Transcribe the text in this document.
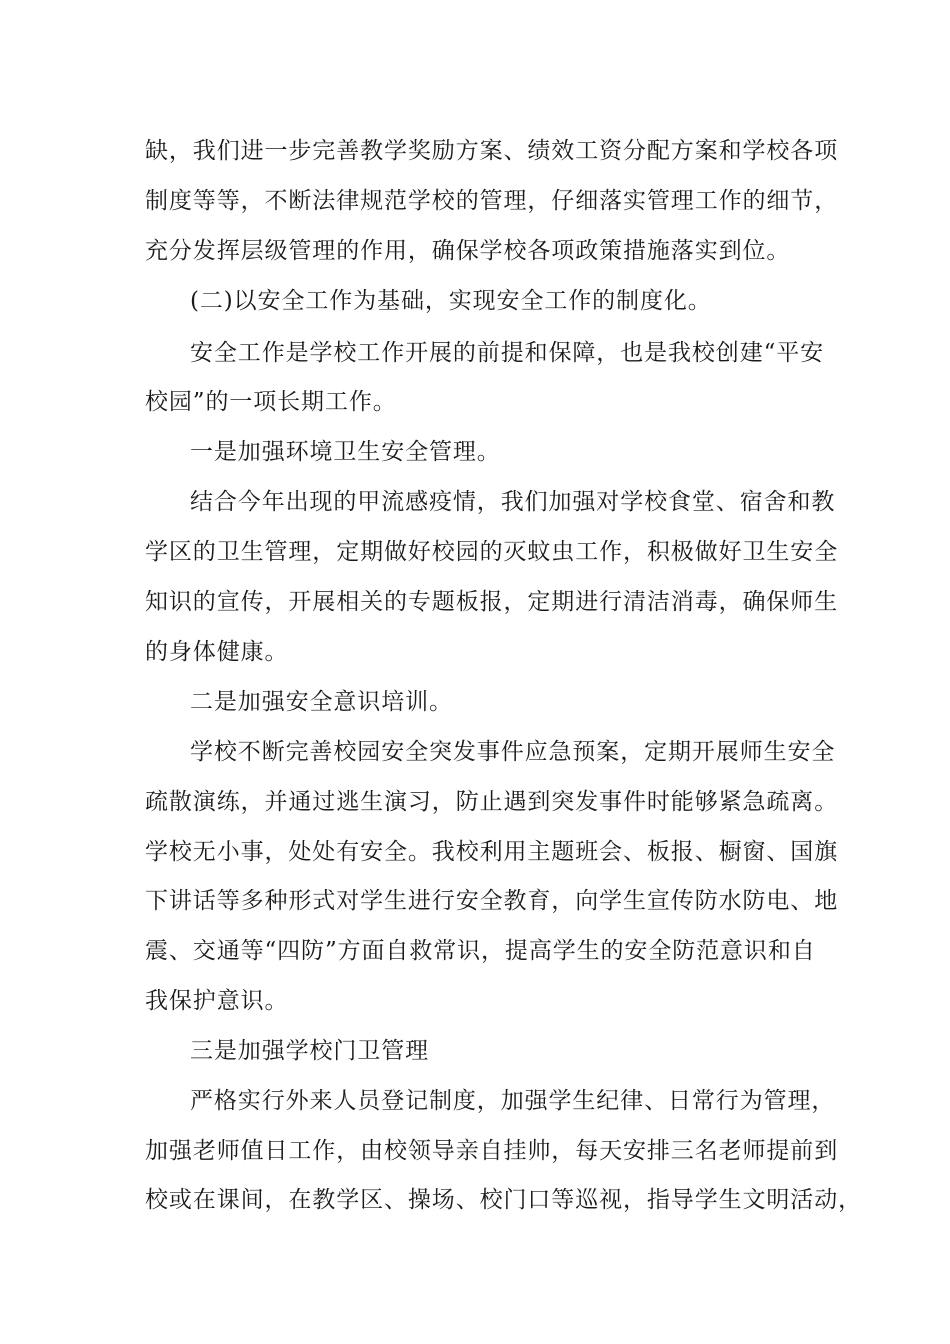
缺，我们进一步完善教学奖励方案、绩效工资分配方案和学校各项
制度等等，不断法律规范学校的管理，仔细落实管理工作的细节，
充分发挥层级管理的作用，确保学校各项政策措施落实到位。
(二)以安全工作为基础，实现安全工作的制度化。
安全工作是学校工作开展的前提和保障，也是我校创建“平安
校园”的一项长期工作。
一是加强环境卫生安全管理。
结合今年出现的甲流感疫情，我们加强对学校食堂、宿舍和教
学区的卫生管理，定期做好校园的灭蚊虫工作，积极做好卫生安全
知识的宣传，开展相关的专题板报，定期进行清洁消毒，确保师生
的身体健康。
二是加强安全意识培训。
学校不断完善校园安全突发事件应急预案，定期开展师生安全
疏散演练，并通过逃生演习，防止遇到突发事件时能够紧急疏离。
学校无小事，处处有安全。我校利用主题班会、板报、橱窗、国旗
下讲话等多种形式对学生进行安全教育，向学生宣传防水防电、地
震、交通等“四防”方面自救常识，提高学生的安全防范意识和自
我保护意识。
三是加强学校门卫管理
严格实行外来人员登记制度，加强学生纪律、日常行为管理，
加强老师值日工作，由校领导亲自挂帅，每天安排三名老师提前到
校或在课间，在教学区、操场、校门口等巡视，指导学生文明活动，
